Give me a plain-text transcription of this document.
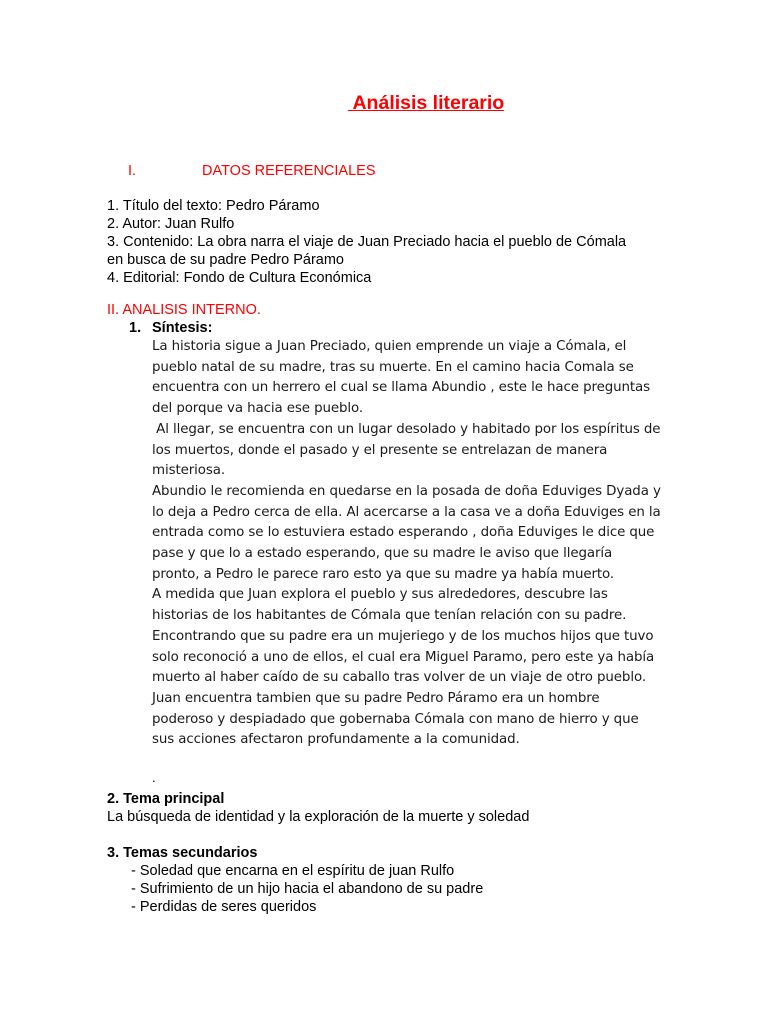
Análisis literario
I.	DATOS REFERENCIALES
1. Título del texto: Pedro Páramo
2. Autor: Juan Rulfo
3. Contenido: La obra narra el viaje de Juan Preciado hacia el pueblo de Cómala
en busca de su padre Pedro Páramo
4. Editorial: Fondo de Cultura Económica
II. ANALISIS INTERNO.
1. Síntesis:
La historia sigue a Juan Preciado, quien emprende un viaje a Cómala, el
pueblo natal de su madre, tras su muerte. En el camino hacia Comala se
encuentra con un herrero el cual se llama Abundio , este le hace preguntas
del porque va hacia ese pueblo.
Al llegar, se encuentra con un lugar desolado y habitado por los espíritus de
los muertos, donde el pasado y el presente se entrelazan de manera
misteriosa.
Abundio le recomienda en quedarse en la posada de doña Eduviges Dyada y
lo deja a Pedro cerca de ella. Al acercarse a la casa ve a doña Eduviges en la
entrada como se lo estuviera estado esperando , doña Eduviges le dice que
pase y que lo a estado esperando, que su madre le aviso que llegaría
pronto, a Pedro le parece raro esto ya que su madre ya había muerto.
A medida que Juan explora el pueblo y sus alrededores, descubre las
historias de los habitantes de Cómala que tenían relación con su padre.
Encontrando que su padre era un mujeriego y de los muchos hijos que tuvo
solo reconoció a uno de ellos, el cual era Miguel Paramo, pero este ya había
muerto al haber caído de su caballo tras volver de un viaje de otro pueblo.
Juan encuentra tambien que su padre Pedro Páramo era un hombre
poderoso y despiadado que gobernaba Cómala con mano de hierro y que
sus acciones afectaron profundamente a la comunidad.
.
2. Tema principal
La búsqueda de identidad y la exploración de la muerte y soledad
3. Temas secundarios
- Soledad que encarna en el espíritu de juan Rulfo
- Sufrimiento de un hijo hacia el abandono de su padre
- Perdidas de seres queridos
